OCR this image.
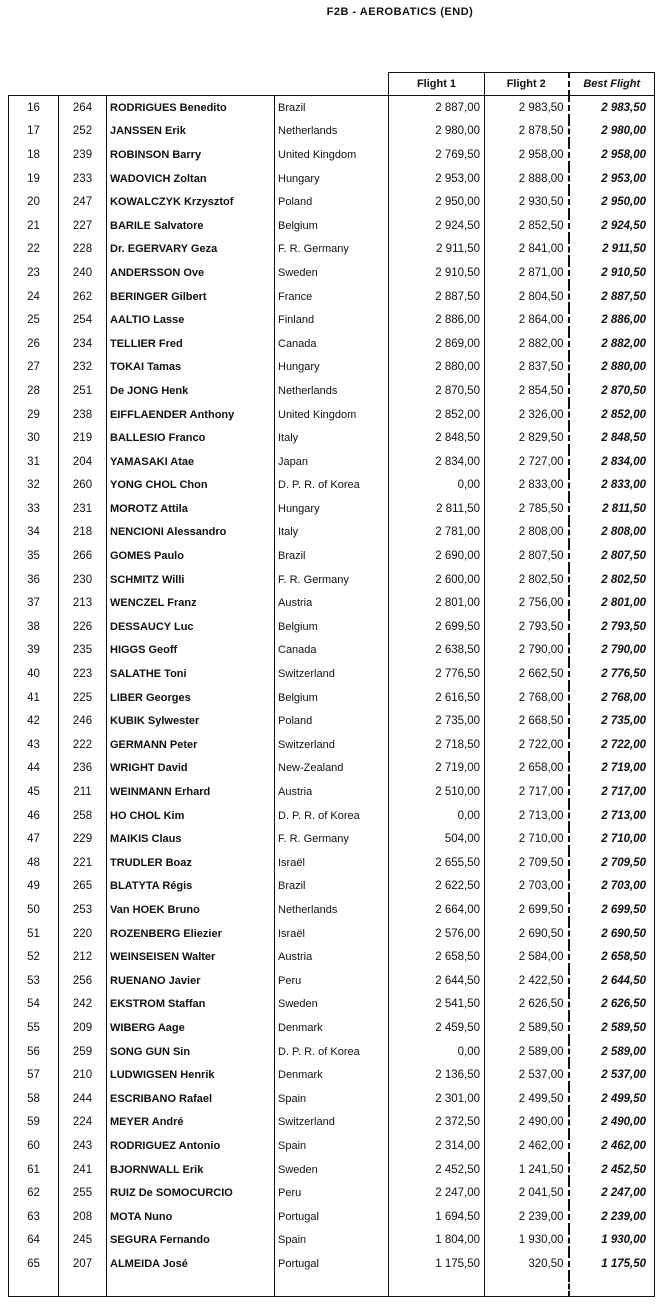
F2B - AEROBATICS (END)
				Flight 1	Flight 2	Best Flight
16	264	RODRIGUES Benedito	Brazil	2 887,00	2 983,50	2 983,50
17	252	JANSSEN Erik	Netherlands	2 980,00	2 878,50	2 980,00
18	239	ROBINSON Barry	United Kingdom	2 769,50	2 958,00	2 958,00
19	233	WADOVICH Zoltan	Hungary	2 953,00	2 888,00	2 953,00
20	247	KOWALCZYK Krzysztof	Poland	2 950,00	2 930,50	2 950,00
21	227	BARILE Salvatore	Belgium	2 924,50	2 852,50	2 924,50
22	228	Dr. EGERVARY Geza	F. R. Germany	2 911,50	2 841,00	2 911,50
23	240	ANDERSSON Ove	Sweden	2 910,50	2 871,00	2 910,50
24	262	BERINGER Gilbert	France	2 887,50	2 804,50	2 887,50
25	254	AALTIO Lasse	Finland	2 886,00	2 864,00	2 886,00
26	234	TELLIER Fred	Canada	2 869,00	2 882,00	2 882,00
27	232	TOKAI Tamas	Hungary	2 880,00	2 837,50	2 880,00
28	251	De JONG Henk	Netherlands	2 870,50	2 854,50	2 870,50
29	238	EIFFLAENDER Anthony	United Kingdom	2 852,00	2 326,00	2 852,00
30	219	BALLESIO Franco	Italy	2 848,50	2 829,50	2 848,50
31	204	YAMASAKI Atae	Japan	2 834,00	2 727,00	2 834,00
32	260	YONG CHOL Chon	D. P. R. of Korea	0,00	2 833,00	2 833,00
33	231	MOROTZ Attila	Hungary	2 811,50	2 785,50	2 811,50
34	218	NENCIONI Alessandro	Italy	2 781,00	2 808,00	2 808,00
35	266	GOMES Paulo	Brazil	2 690,00	2 807,50	2 807,50
36	230	SCHMITZ Willi	F. R. Germany	2 600,00	2 802,50	2 802,50
37	213	WENCZEL Franz	Austria	2 801,00	2 756,00	2 801,00
38	226	DESSAUCY Luc	Belgium	2 699,50	2 793,50	2 793,50
39	235	HIGGS Geoff	Canada	2 638,50	2 790,00	2 790,00
40	223	SALATHE Toni	Switzerland	2 776,50	2 662,50	2 776,50
41	225	LIBER Georges	Belgium	2 616,50	2 768,00	2 768,00
42	246	KUBIK Sylwester	Poland	2 735,00	2 668,50	2 735,00
43	222	GERMANN Peter	Switzerland	2 718,50	2 722,00	2 722,00
44	236	WRIGHT David	New-Zealand	2 719,00	2 658,00	2 719,00
45	211	WEINMANN Erhard	Austria	2 510,00	2 717,00	2 717,00
46	258	HO CHOL Kim	D. P. R. of Korea	0,00	2 713,00	2 713,00
47	229	MAIKIS Claus	F. R. Germany	504,00	2 710,00	2 710,00
48	221	TRUDLER Boaz	Israël	2 655,50	2 709,50	2 709,50
49	265	BLATYTA Régis	Brazil	2 622,50	2 703,00	2 703,00
50	253	Van HOEK Bruno	Netherlands	2 664,00	2 699,50	2 699,50
51	220	ROZENBERG Eliezier	Israël	2 576,00	2 690,50	2 690,50
52	212	WEINSEISEN Walter	Austria	2 658,50	2 584,00	2 658,50
53	256	RUENANO Javier	Peru	2 644,50	2 422,50	2 644,50
54	242	EKSTROM Staffan	Sweden	2 541,50	2 626,50	2 626,50
55	209	WIBERG Aage	Denmark	2 459,50	2 589,50	2 589,50
56	259	SONG GUN Sin	D. P. R. of Korea	0,00	2 589,00	2 589,00
57	210	LUDWIGSEN Henrik	Denmark	2 136,50	2 537,00	2 537,00
58	244	ESCRIBANO Rafael	Spain	2 301,00	2 499,50	2 499,50
59	224	MEYER André	Switzerland	2 372,50	2 490,00	2 490,00
60	243	RODRIGUEZ Antonio	Spain	2 314,00	2 462,00	2 462,00
61	241	BJORNWALL Erik	Sweden	2 452,50	1 241,50	2 452,50
62	255	RUIZ De SOMOCURCIO	Peru	2 247,00	2 041,50	2 247,00
63	208	MOTA Nuno	Portugal	1 694,50	2 239,00	2 239,00
64	245	SEGURA Fernando	Spain	1 804,00	1 930,00	1 930,00
65	207	ALMEIDA José	Portugal	1 175,50	320,50	1 175,50
